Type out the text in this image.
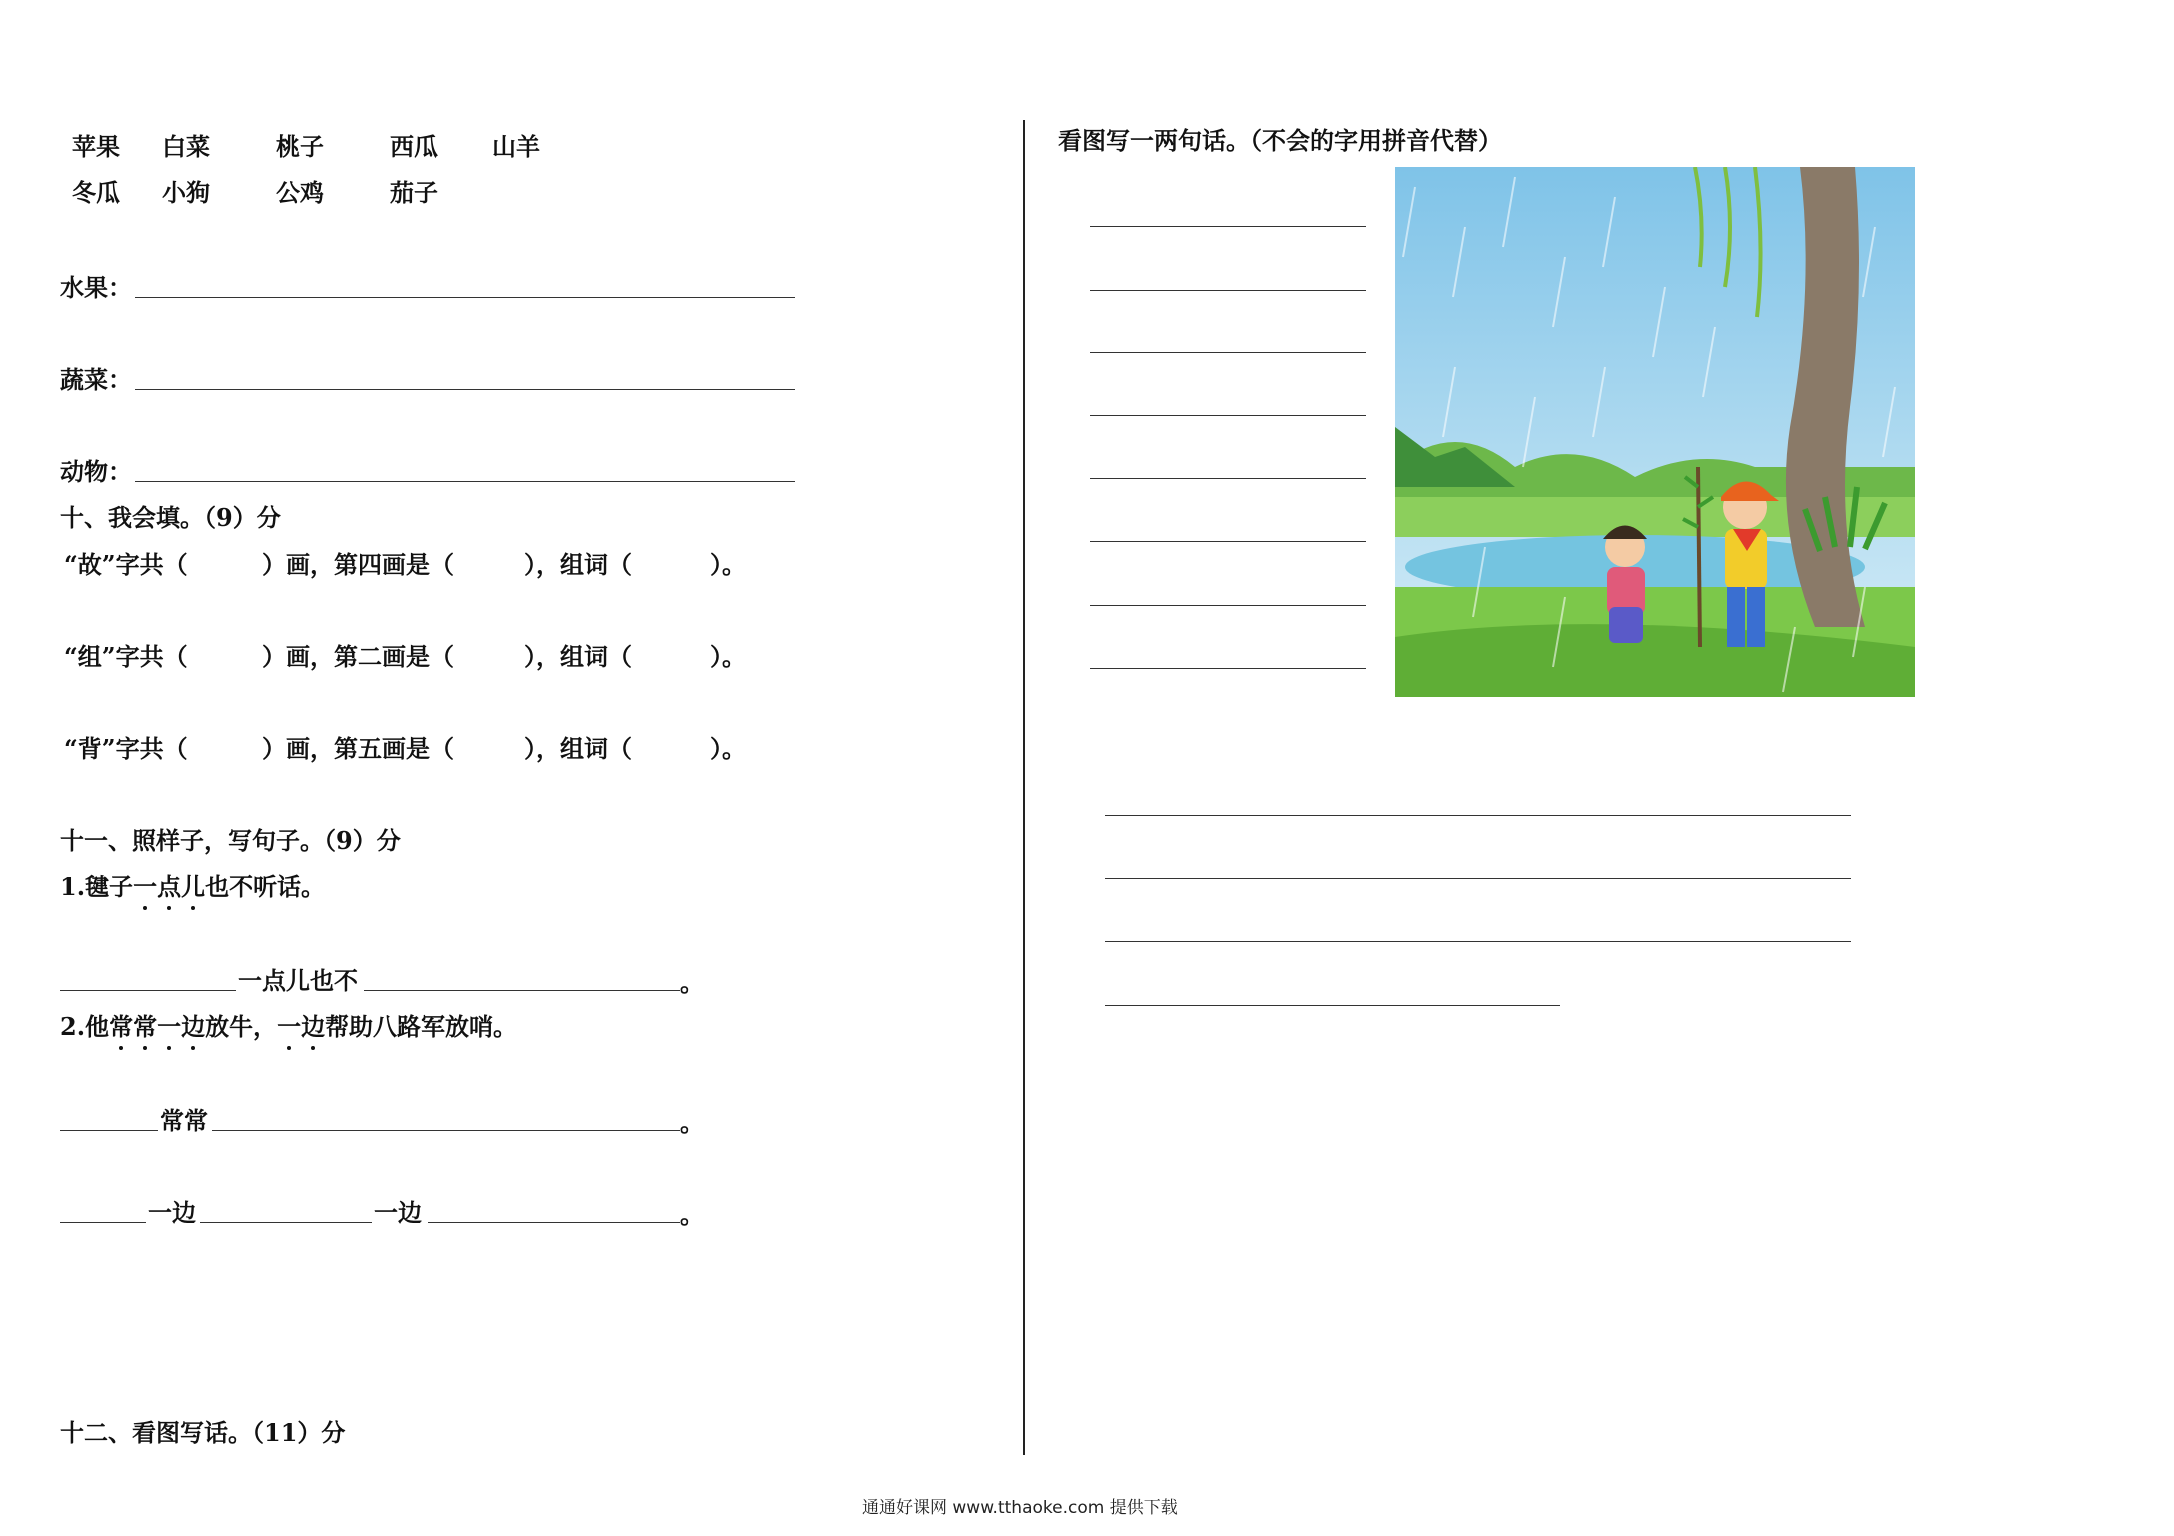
苹果 白菜	桃子	西瓜 山羊
冬瓜 小狗	公鸡	茄子
水果：
蔬菜：
动物：
十、我会填。（9）分
“故”字共（	）画，第四画是（	），组词（	）。
“组”字共（	）画，第二画是（	），组词（	）。
“背”字共（	）画，第五画是（	），组词（	）。
十一、照样子，写句子。（9）分
1.毽子一点儿也不听话。
一点儿也不	。
2.他常常一边放牛，一边帮助八路军放哨。
常常	。
一边	一边	。
十二、看图写话。（11）分
看图写一两句话。（不会的字用拼音代替）
通通好课网 www.tthaoke.com 提供下载
